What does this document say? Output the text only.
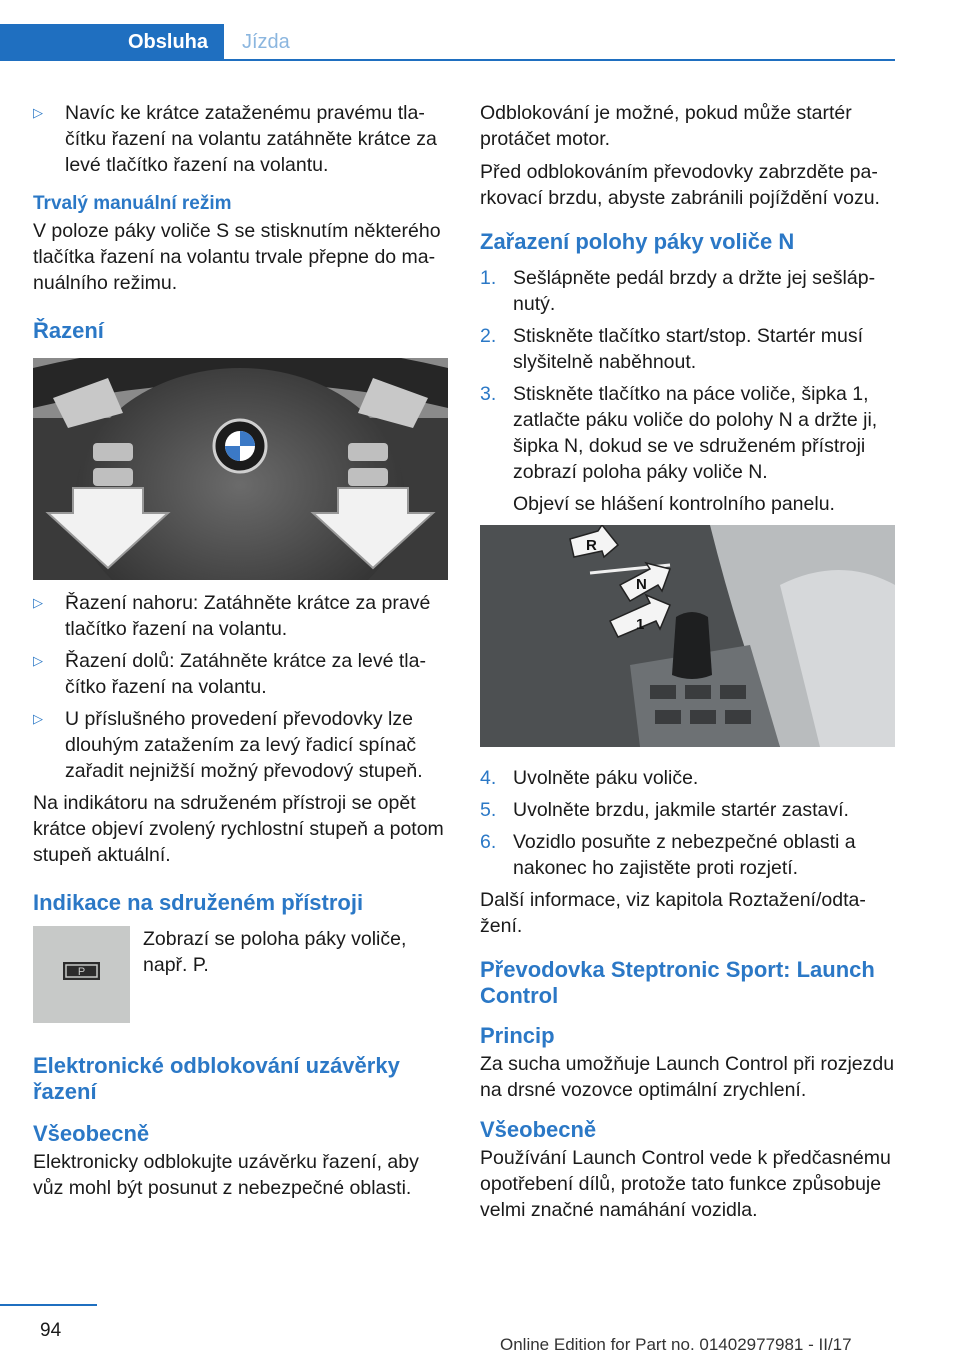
Obsluha	Jízda
▷	Navíc ke krátce zataženému pravému tlačítku řazení na volantu zatáhněte krátce za levé tlačítko řazení na volantu.
Trvalý manuální režim

V poloze páky voliče S se stisknutím některého tlačítka řazení na volantu trvale přepne do manuálního režimu.

Řazení
▷	Řazení nahoru: Zatáhněte krátce za pravé tlačítko řazení na volantu.
▷	Řazení dolů: Zatáhněte krátce za levé tlačítko řazení na volantu.
▷	U příslušného provedení převodovky lze dlouhým zatažením za levý řadicí spínač zařadit nejnižší možný převodový stupeň.

Na indikátoru na sdruženém přístroji se opět krátce objeví zvolený rychlostní stupeň a potom stupeň aktuální.

Indikace na sdruženém přístroji
P
Zobrazí se poloha páky voliče, např. P.
Elektronické odblokování uzávěrky řazení
Všeobecně

Elektronicky odblokujte uzávěrku řazení, aby vůz mohl být posunut z nebezpečné oblasti.

Odblokování je možné, pokud může startér protáčet motor.

Před odblokováním převodovky zabrzděte parkovací brzdu, abyste zabránili pojíždění vozu.

Zařazení polohy páky voliče N
1. Sešlápněte pedál brzdy a držte jej sešlápnutý.
2. Stiskněte tlačítko start/stop. Startér musí slyšitelně naběhnout.
3. Stiskněte tlačítko na páce voliče, šipka 1, zatlačte páku voliče do polohy N a držte ji, šipka N, dokud se ve sdruženém přístroji zobrazí poloha páky voliče N.
Objeví se hlášení kontrolního panelu.
R
N
1
4. Uvolněte páku voliče.
5. Uvolněte brzdu, jakmile startér zastaví.
6. Vozidlo posuňte z nebezpečné oblasti a nakonec ho zajistěte proti rozjetí.

Další informace, viz kapitola Roztažení/odtažení.

Převodovka Steptronic Sport: Launch Control
Princip

Za sucha umožňuje Launch Control při rozjezdu na drsné vozovce optimální zrychlení.

Všeobecně

Používání Launch Control vede k předčasnému opotřebení dílů, protože tato funkce způsobuje velmi značné namáhání vozidla.

94
Online Edition for Part no. 01402977981 - II/17
